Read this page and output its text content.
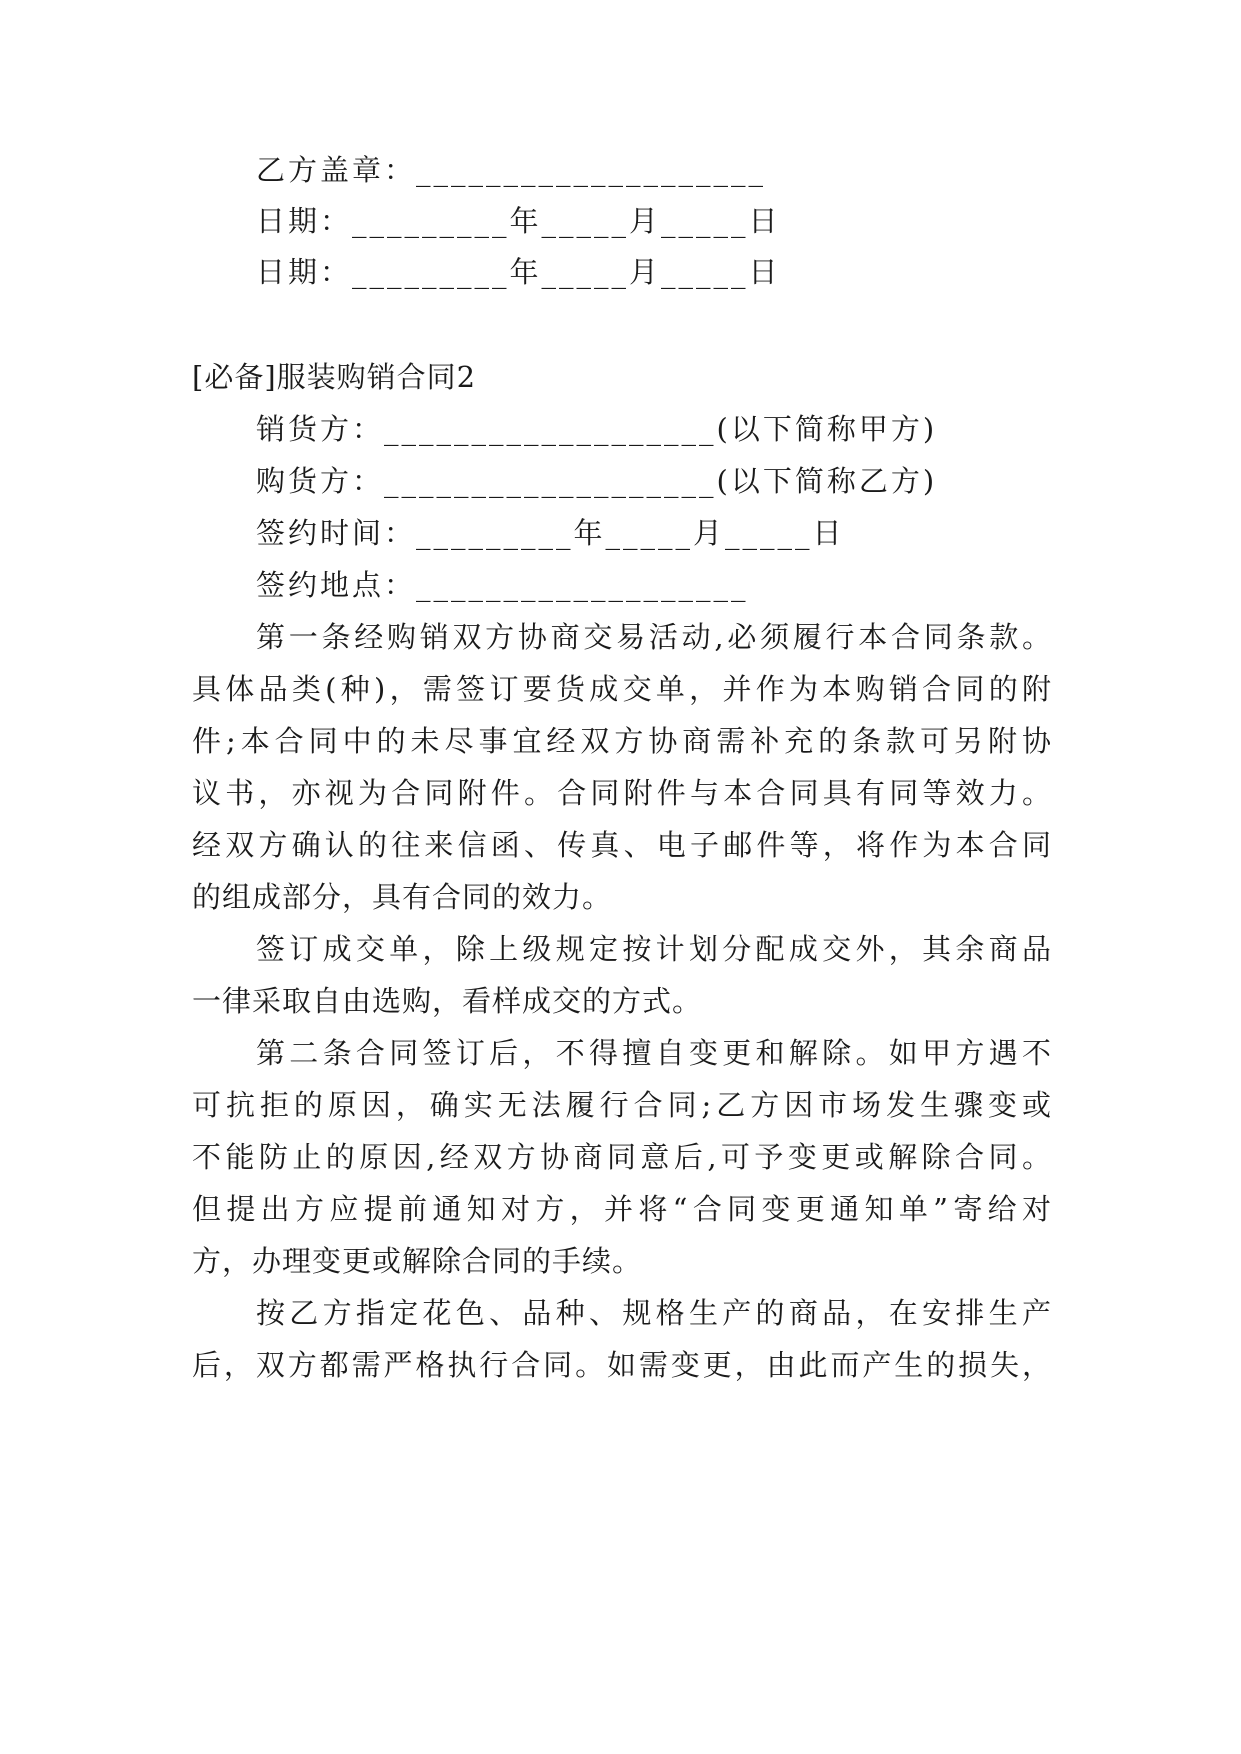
乙方盖章：____________________
日期：_________年_____月_____日
日期：_________年_____月_____日
[必备]服装购销合同2
销货方：___________________(以下简称甲方)
购货方：___________________(以下简称乙方)
签约时间：_________年_____月_____日
签约地点：___________________
第一条经购销双方协商交易活动,必须履行本合同条款。
具体品类(种)，需签订要货成交单，并作为本购销合同的附
件;本合同中的未尽事宜经双方协商需补充的条款可另附协
议书，亦视为合同附件。合同附件与本合同具有同等效力。
经双方确认的往来信函、传真、电子邮件等，将作为本合同
的组成部分，具有合同的效力。
签订成交单，除上级规定按计划分配成交外，其余商品
一律采取自由选购，看样成交的方式。
第二条合同签订后，不得擅自变更和解除。如甲方遇不
可抗拒的原因，确实无法履行合同;乙方因市场发生骤变或
不能防止的原因,经双方协商同意后,可予变更或解除合同。
但提出方应提前通知对方，并将“合同变更通知单”寄给对
方，办理变更或解除合同的手续。
按乙方指定花色、品种、规格生产的商品，在安排生产
后，双方都需严格执行合同。如需变更，由此而产生的损失，
